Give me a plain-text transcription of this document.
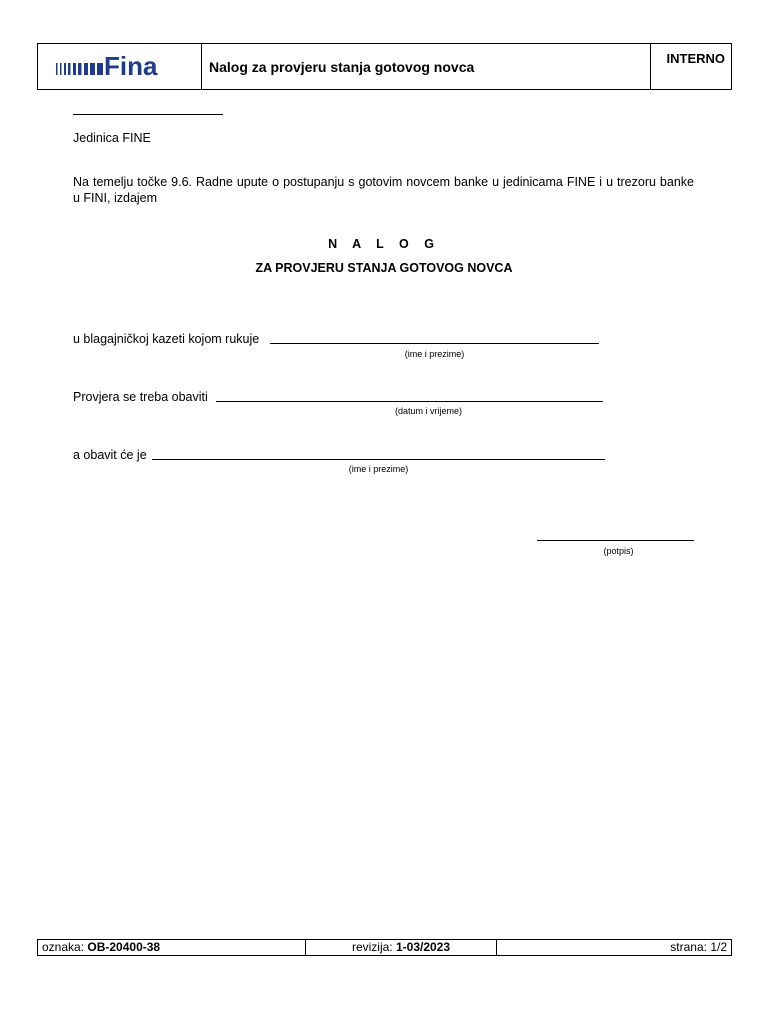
Fina	Nalog za provjeru stanja gotovog novca	INTERNO
Jedinica FINE
Na temelju točke 9.6. Radne upute o postupanju s gotovim novcem banke u jedinicama FINE i u trezoru banke u FINI, izdajem
N A L O G
ZA PROVJERU STANJA GOTOVOG NOVCA
u blagajničkoj kazeti kojom rukuje
(ime i prezime)
Provjera se treba obaviti
(datum i vrijeme)
a obavit će je
(ime i prezime)
(potpis)
oznaka: OB-20400-38	revizija: 1-03/2023	strana: 1/2
